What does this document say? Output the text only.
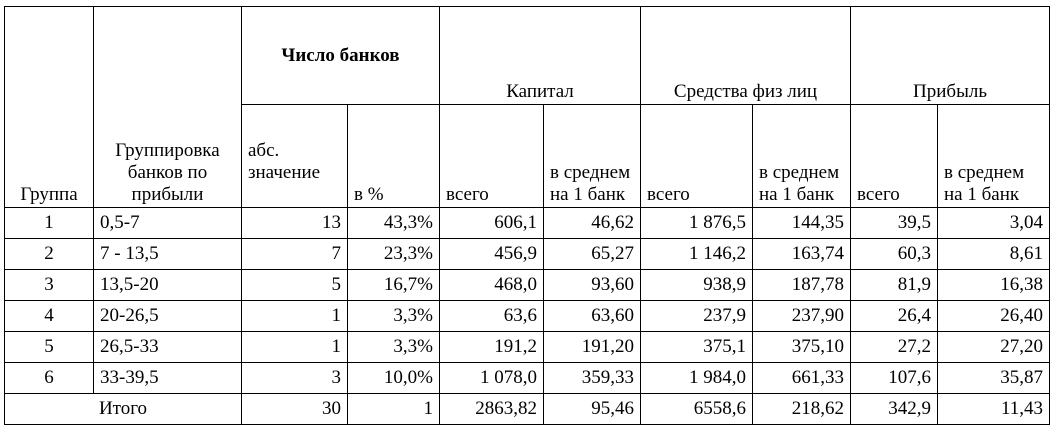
Группа	Группировка банков по прибыли	Число банков		Капитал		Средства физ лиц		Прибыль	
		абс. значение	в %	всего	в среднем на 1 банк	всего	в среднем на 1 банк	всего	в среднем на 1 банк
1	0,5-7	13	43,3%	606,1	46,62	1 876,5	144,35	39,5	3,04
2	7 - 13,5	7	23,3%	456,9	65,27	1 146,2	163,74	60,3	8,61
3	13,5-20	5	16,7%	468,0	93,60	938,9	187,78	81,9	16,38
4	20-26,5	1	3,3%	63,6	63,60	237,9	237,90	26,4	26,40
5	26,5-33	1	3,3%	191,2	191,20	375,1	375,10	27,2	27,20
6	33-39,5	3	10,0%	1 078,0	359,33	1 984,0	661,33	107,6	35,87
Итого		30	1	2863,82	95,46	6558,6	218,62	342,9	11,43
